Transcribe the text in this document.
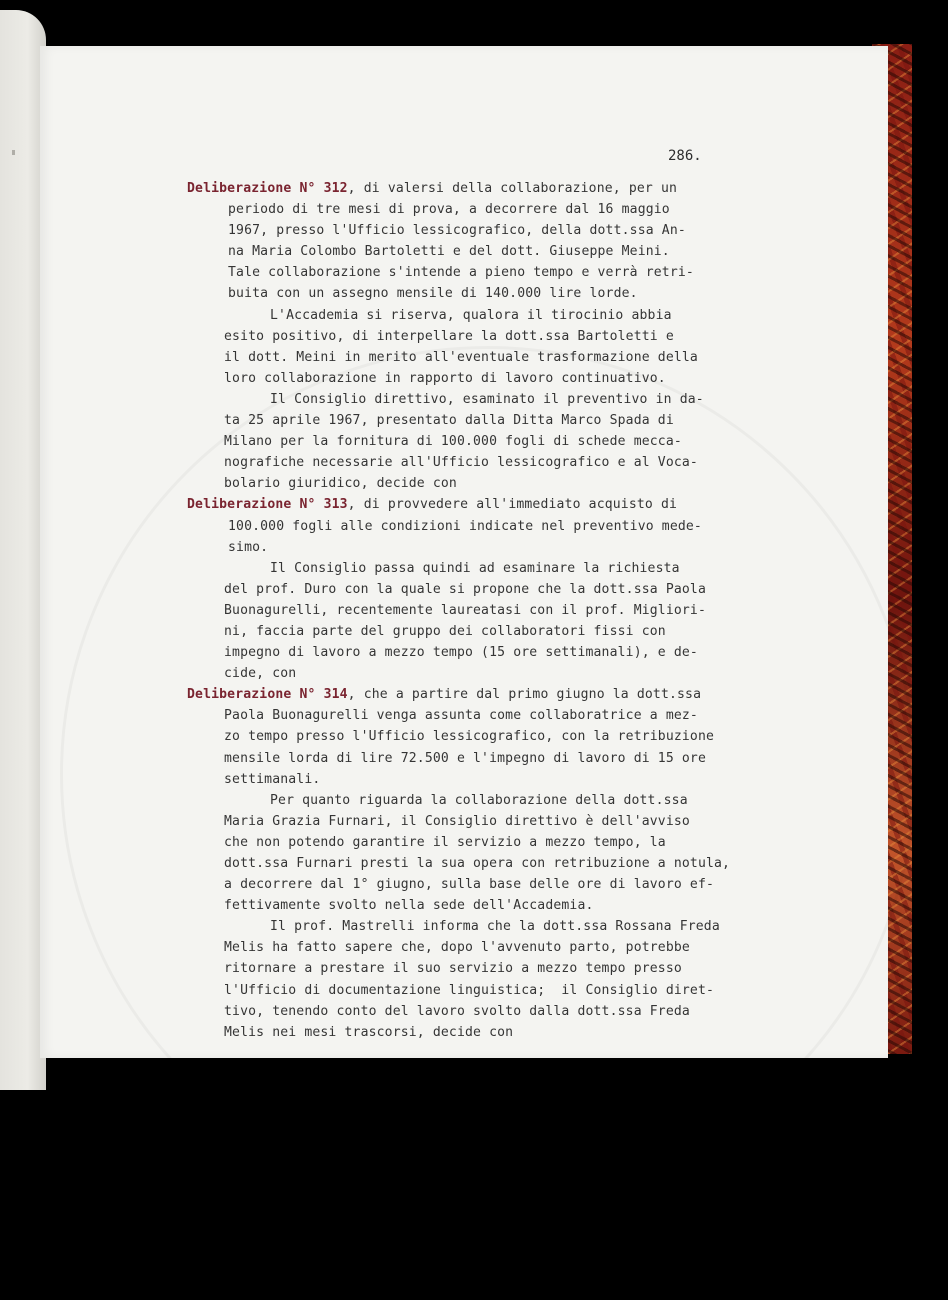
286.
Deliberazione N° 312, di valersi della collaborazione, per un
periodo di tre mesi di prova, a decorrere dal 16 maggio
1967, presso l'Ufficio lessicografico, della dott.ssa An-
na Maria Colombo Bartoletti e del dott. Giuseppe Meini.
Tale collaborazione s'intende a pieno tempo e verrà retri-
buita con un assegno mensile di 140.000 lire lorde.
L'Accademia si riserva, qualora il tirocinio abbia
esito positivo, di interpellare la dott.ssa Bartoletti e
il dott. Meini in merito all'eventuale trasformazione della
loro collaborazione in rapporto di lavoro continuativo.
Il Consiglio direttivo, esaminato il preventivo in da-
ta 25 aprile 1967, presentato dalla Ditta Marco Spada di
Milano per la fornitura di 100.000 fogli di schede mecca-
nografiche necessarie all'Ufficio lessicografico e al Voca-
bolario giuridico, decide con
Deliberazione N° 313, di provvedere all'immediato acquisto di
100.000 fogli alle condizioni indicate nel preventivo mede-
simo.
Il Consiglio passa quindi ad esaminare la richiesta
del prof. Duro con la quale si propone che la dott.ssa Paola
Buonagurelli, recentemente laureatasi con il prof. Migliori-
ni, faccia parte del gruppo dei collaboratori fissi con
impegno di lavoro a mezzo tempo (15 ore settimanali), e de-
cide, con
Deliberazione N° 314, che a partire dal primo giugno la dott.ssa
Paola Buonagurelli venga assunta come collaboratrice a mez-
zo tempo presso l'Ufficio lessicografico, con la retribuzione
mensile lorda di lire 72.500 e l'impegno di lavoro di 15 ore
settimanali.
Per quanto riguarda la collaborazione della dott.ssa
Maria Grazia Furnari, il Consiglio direttivo è dell'avviso
che non potendo garantire il servizio a mezzo tempo, la
dott.ssa Furnari presti la sua opera con retribuzione a notula,
a decorrere dal 1° giugno, sulla base delle ore di lavoro ef-
fettivamente svolto nella sede dell'Accademia.
Il prof. Mastrelli informa che la dott.ssa Rossana Freda
Melis ha fatto sapere che, dopo l'avvenuto parto, potrebbe
ritornare a prestare il suo servizio a mezzo tempo presso
l'Ufficio di documentazione linguistica;  il Consiglio diret-
tivo, tenendo conto del lavoro svolto dalla dott.ssa Freda
Melis nei mesi trascorsi, decide con
